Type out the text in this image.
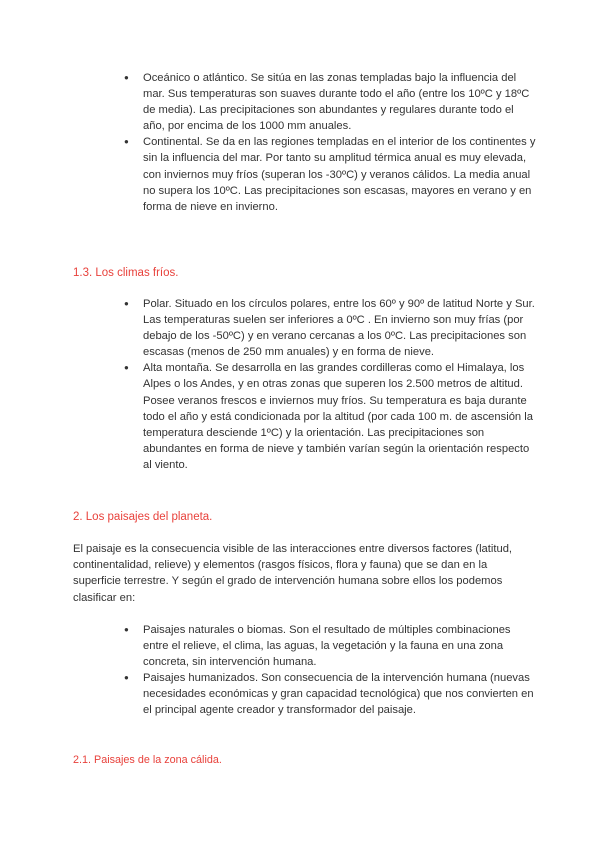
● Oceánico o atlántico. Se sitúa en las zonas templadas bajo la influencia del mar. Sus temperaturas son suaves durante todo el año (entre los 10ºC y 18ºC de media). Las precipitaciones son abundantes y regulares durante todo el año, por encima de los 1000 mm anuales.
● Continental. Se da en las regiones templadas en el interior de los continentes y sin la influencia del mar. Por tanto su amplitud térmica anual es muy elevada, con inviernos muy fríos (superan los -30ºC) y veranos cálidos. La media anual no supera los 10ºC. Las precipitaciones son escasas, mayores en verano y en forma de nieve en invierno.
1.3. Los climas fríos.
● Polar. Situado en los círculos polares, entre los 60º y 90º de latitud Norte y Sur. Las temperaturas suelen ser inferiores a 0ºC . En invierno son muy frías (por debajo de los -50ºC) y en verano cercanas a los 0ºC. Las precipitaciones son escasas (menos de 250 mm anuales) y en forma de nieve.
● Alta montaña. Se desarrolla en las grandes cordilleras como el Himalaya, los Alpes o los Andes, y en otras zonas que superen los 2.500 metros de altitud. Posee veranos frescos e inviernos muy fríos. Su temperatura es baja durante todo el año y está condicionada por la altitud (por cada 100 m. de ascensión la temperatura desciende 1ºC) y la orientación. Las precipitaciones son abundantes en forma de nieve y también varían según la orientación respecto al viento.
2. Los paisajes del planeta.
El paisaje es la consecuencia visible de las interacciones entre diversos factores (latitud, continentalidad, relieve) y elementos (rasgos físicos, flora y fauna) que se dan en la superficie terrestre. Y según el grado de intervención humana sobre ellos los podemos clasificar en:
● Paisajes naturales o biomas. Son el resultado de múltiples combinaciones entre el relieve, el clima, las aguas, la vegetación y la fauna en una zona concreta, sin intervención humana.
● Paisajes humanizados. Son consecuencia de la intervención humana (nuevas necesidades económicas y gran capacidad tecnológica) que nos convierten en el principal agente creador y transformador del paisaje.
2.1. Paisajes de la zona cálida.
